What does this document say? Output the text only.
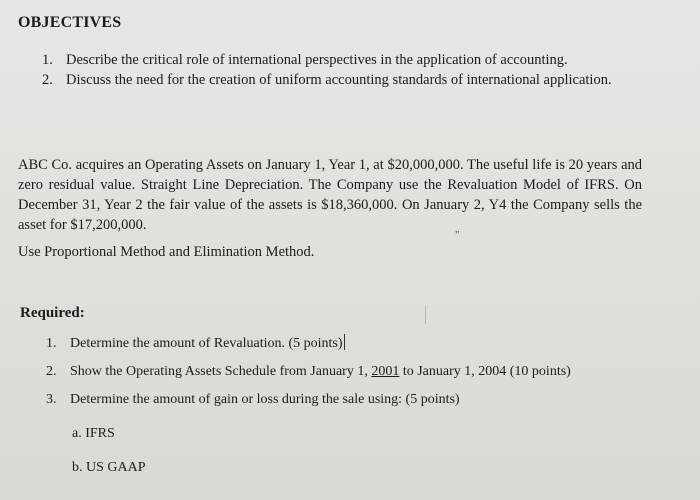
OBJECTIVES
1. Describe the critical role of international perspectives in the application of accounting.
2. Discuss the need for the creation of uniform accounting standards of international application.

ABC Co. acquires an Operating Assets on January 1, Year 1, at $20,000,000. The useful life is 20 years and zero residual value. Straight Line Depreciation. The Company use the Revaluation Model of IFRS. On December 31, Year 2 the fair value of the assets is $18,360,000. On January 2, Y4 the Company sells the asset for $17,200,000.	„

Use Proportional Method and Elimination Method.

Required:
1. Determine the amount of Revaluation. (5 points)
2. Show the Operating Assets Schedule from January 1, 2001 to January 1, 2004 (10 points)
3. Determine the amount of gain or loss during the sale using: (5 points)
a. IFRS
b. US GAAP
